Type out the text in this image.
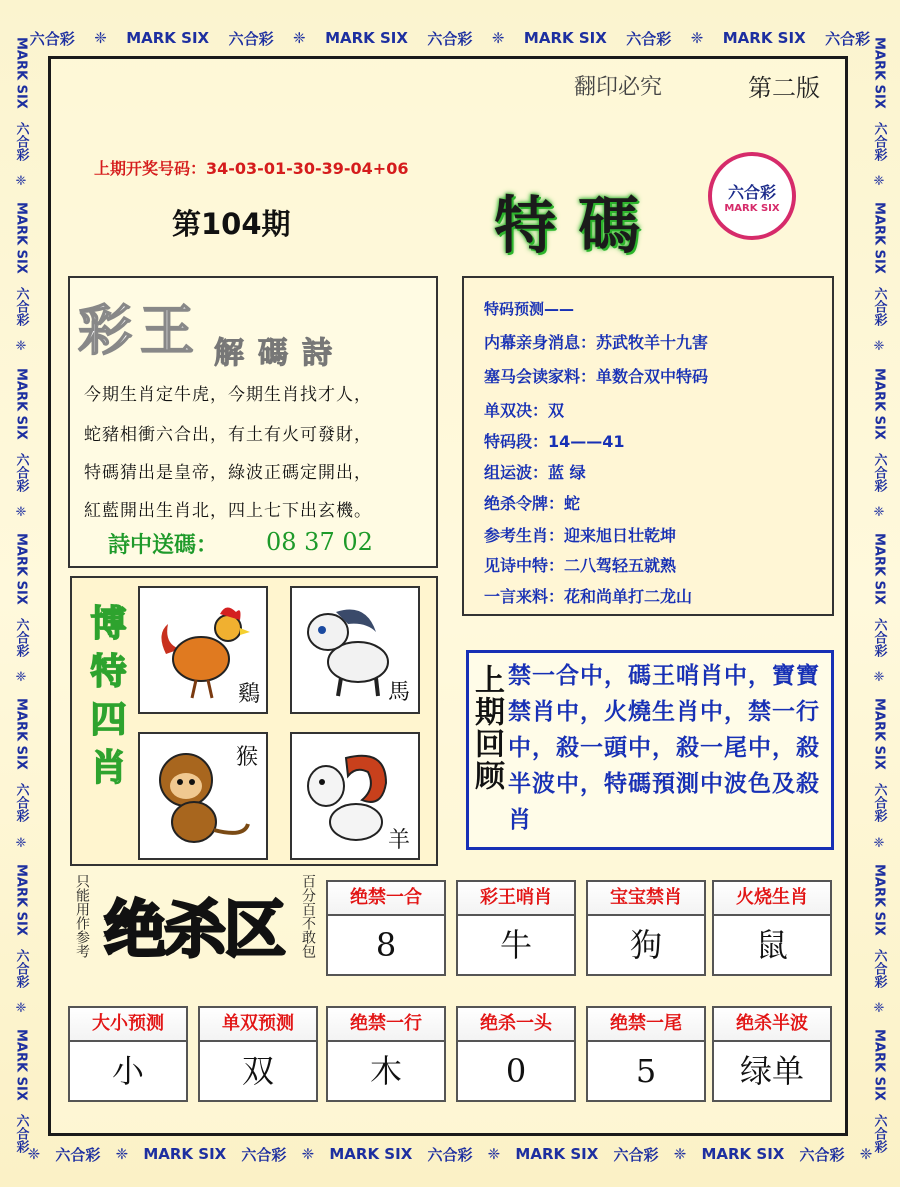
六合彩 ❈ MARK SIX 六合彩 ❈ MARK SIX 六合彩 ❈ MARK SIX 六合彩 ❈ MARK SIX 六合彩
❈ 六合彩 ❈ MARK SIX 六合彩 ❈ MARK SIX 六合彩 ❈ MARK SIX 六合彩 ❈ MARK SIX 六合彩 ❈
MARK SIX
六合彩
❈
MARK SIX
六合彩
❈
MARK SIX
六合彩
❈
MARK SIX
六合彩
❈
MARK SIX
六合彩
❈
MARK SIX
六合彩
❈
MARK SIX
六合彩
MARK SIX
六合彩
❈
MARK SIX
六合彩
❈
MARK SIX
六合彩
❈
MARK SIX
六合彩
❈
MARK SIX
六合彩
❈
MARK SIX
六合彩
❈
MARK SIX
六合彩
翻印必究	第二版
上期开奖号码：34-03-01-30-39-04+06
第104期	特碼	六合彩
MARK SIX
彩王 解碼詩
今期生肖定牛虎，今期生肖找才人，
蛇豬相衝六合出，有土有火可發財，
特碼猜出是皇帝，綠波正碼定開出，
紅藍開出生肖北，四上七下出玄機。
詩中送碼： 08 37 02
特码预测——
内幕亲身消息：苏武牧羊十九害
塞马会读家料：单数合双中特码
单双决：双
特码段：14——41
组运波：蓝 绿
绝杀令牌：蛇
参考生肖：迎来旭日壮乾坤
见诗中特：二八驾轻五就熟
一言来料：花和尚单打二龙山
博特四肖	鷄	馬
猴
羊
上期回顾 禁一合中，碼王哨肖中，寶寶禁肖中，火燒生肖中，禁一行中，殺一頭中，殺一尾中，殺半波中，特碼預測中波色及殺肖
只能用作参考 绝杀区 百分百不敢包	绝禁一合
8
彩王哨肖
牛
宝宝禁肖
狗
火烧生肖
鼠
大小预测
小
单双预测
双
绝禁一行
木
绝杀一头
0
绝禁一尾
5
绝杀半波
绿单
